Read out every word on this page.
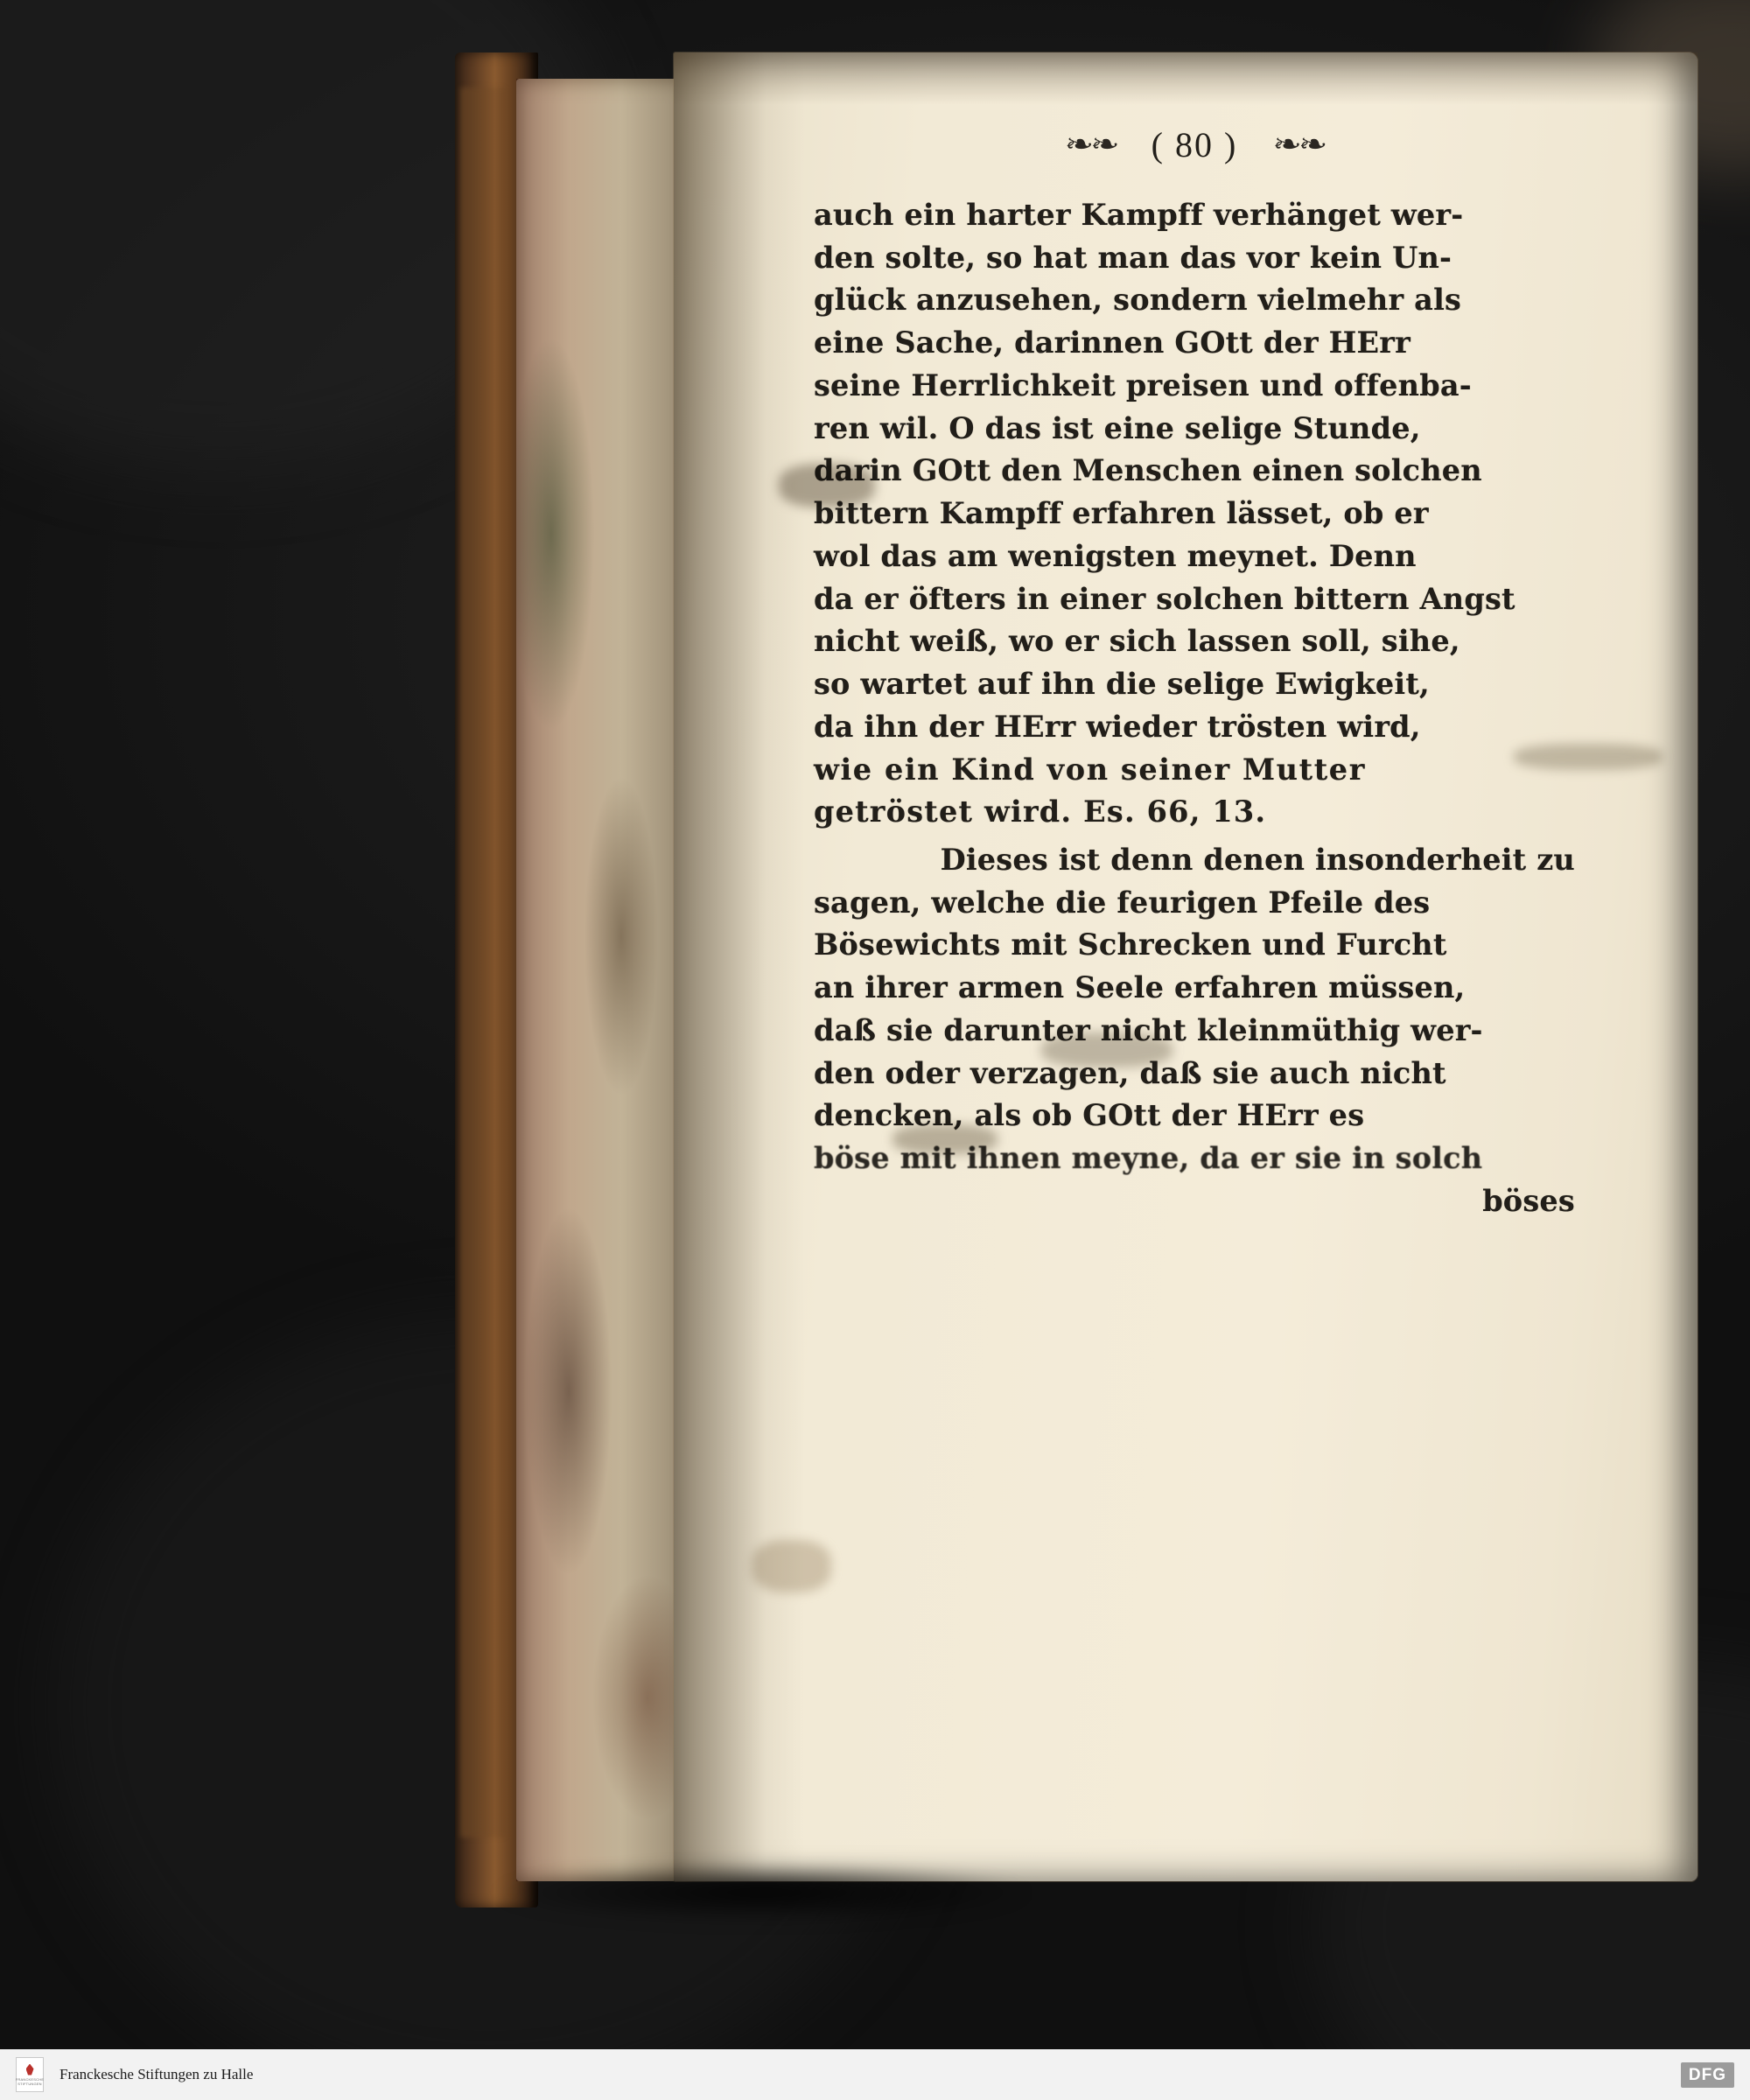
❧❧ ( 80 ) ❧❧
auch ein harter Kampff verhänget wer-
den solte, so hat man das vor kein Un-
glück anzusehen, sondern vielmehr als
eine Sache, darinnen GOtt der HErr
seine Herrlichkeit preisen und offenba-
ren wil. O das ist eine selige Stunde,
darin GOtt den Menschen einen solchen
bittern Kampff erfahren lässet, ob er
wol das am wenigsten meynet. Denn
da er öfters in einer solchen bittern Angst
nicht weiß, wo er sich lassen soll, sihe,
so wartet auf ihn die selige Ewigkeit,
da ihn der HErr wieder trösten wird,
wie ein Kind von seiner Mutter
getröstet wird. Es. 66, 13.
Dieses ist denn denen insonderheit zu
sagen, welche die feurigen Pfeile des
Bösewichts mit Schrecken und Furcht
an ihrer armen Seele erfahren müssen,
daß sie darunter nicht kleinmüthig wer-
den oder verzagen, daß sie auch nicht
dencken, als ob GOtt der HErr es
böse mit ihnen meyne, da er sie in solch
böses
FRANCKESCHE
STIFTUNGEN
Franckesche Stiftungen zu Halle	DFG
